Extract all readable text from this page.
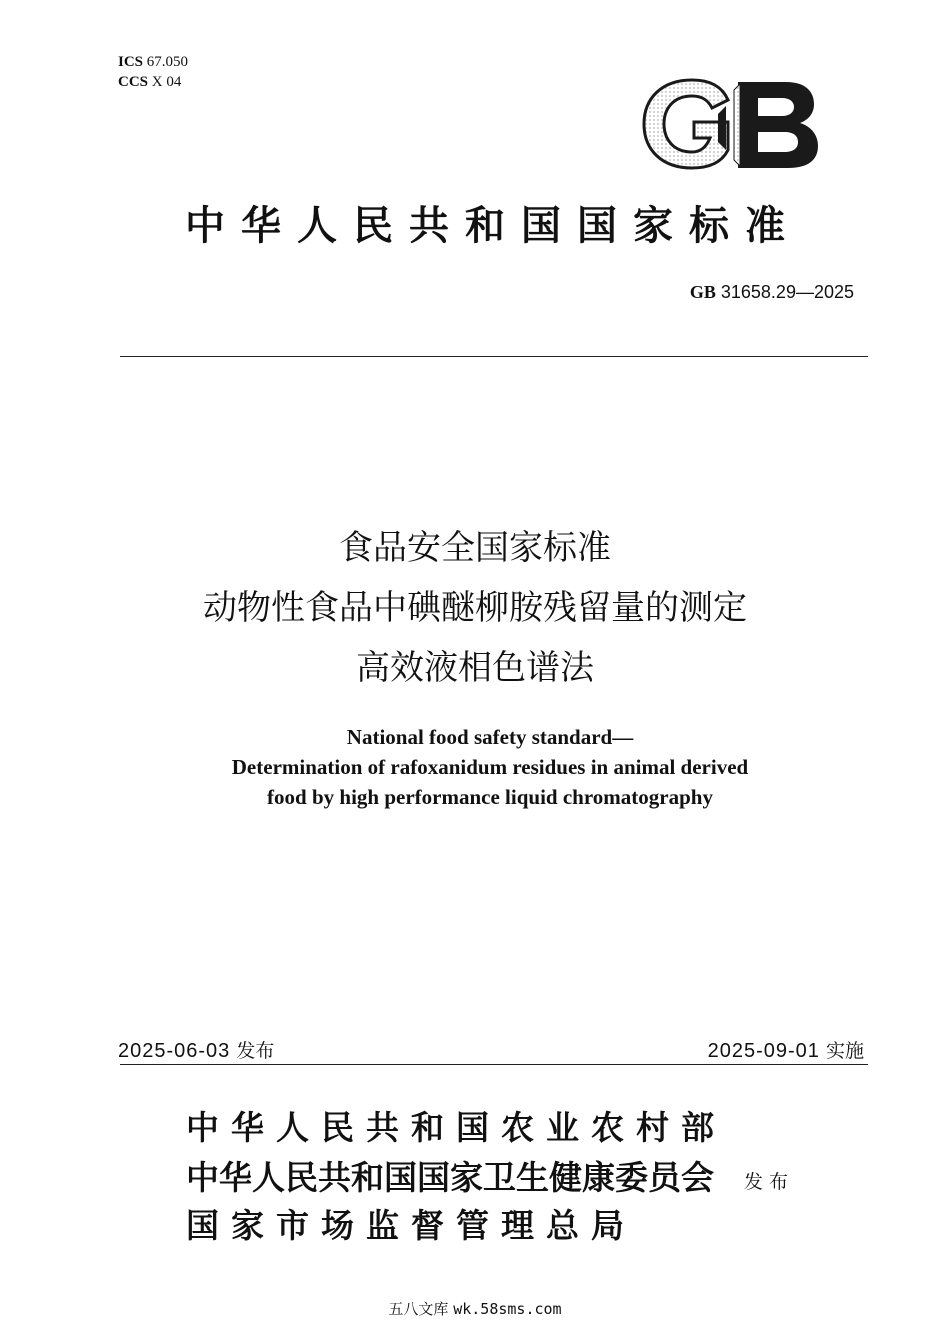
ICS 67.050
CCS X 04
中华人民共和国国家标准
GB 31658.29—2025
食品安全国家标准
动物性食品中碘醚柳胺残留量的测定
高效液相色谱法
National food safety standard—
Determination of rafoxanidum residues in animal derived
food by high performance liquid chromatography
2025-06-03 发布	2025-09-01 实施
中华人民共和国农业农村部
中华人民共和国国家卫生健康委员会
国家市场监督管理总局
发布
五八文库 wk.58sms.com
